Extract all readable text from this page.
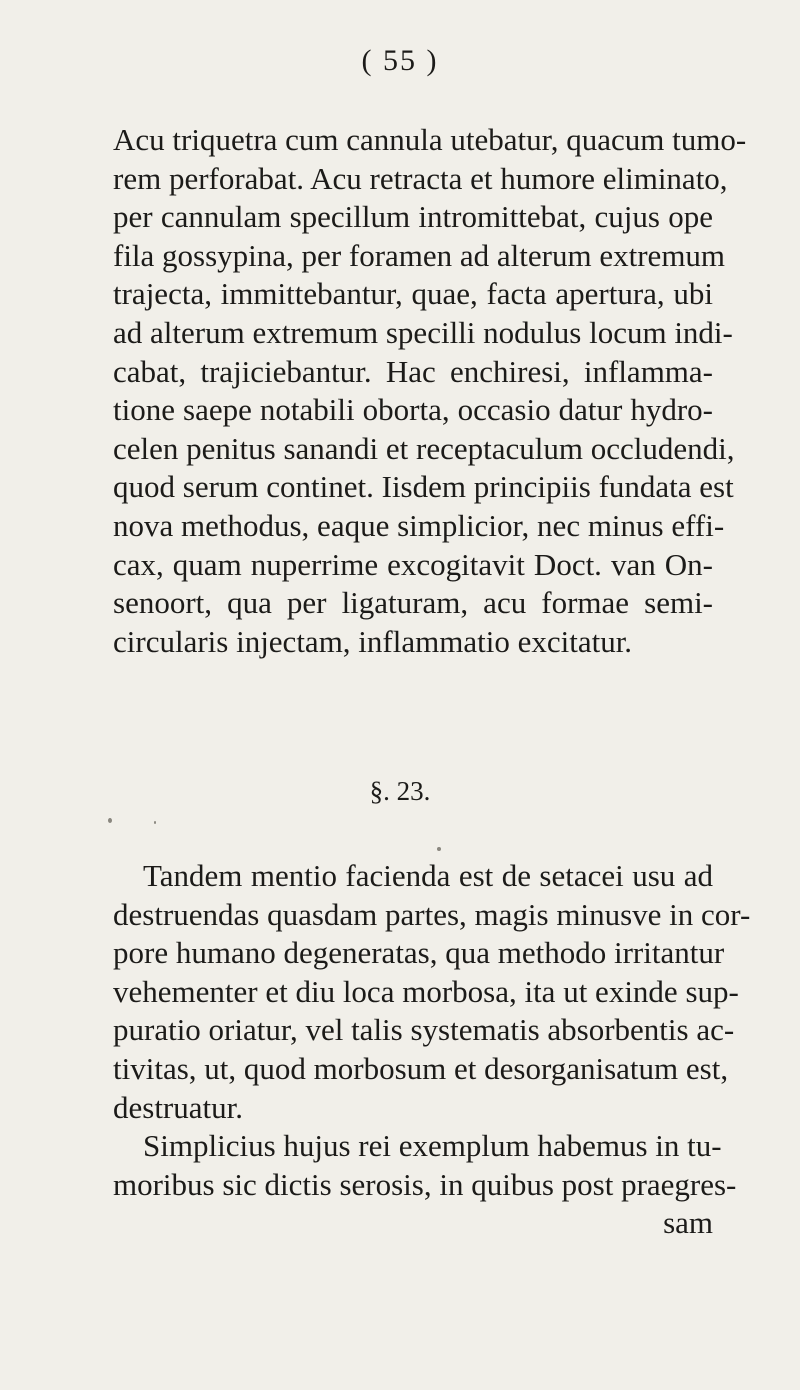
( 55 )
Acu triquetra cum cannula utebatur, quacum tumo-
rem perforabat. Acu retracta et humore eliminato,
per cannulam specillum intromittebat, cujus ope
fila gossypina, per foramen ad alterum extremum
trajecta, immittebantur, quae, facta apertura, ubi
ad alterum extremum specilli nodulus locum indi-
cabat, trajiciebantur. Hac enchiresi, inflamma-
tione saepe notabili oborta, occasio datur hydro-
celen penitus sanandi et receptaculum occludendi,
quod serum continet. Iisdem principiis fundata est
nova methodus, eaque simplicior, nec minus effi-
cax, quam nuperrime excogitavit Doct. van On-
senoort, qua per ligaturam, acu formae semi-
circularis injectam, inflammatio excitatur.
§. 23.
Tandem mentio facienda est de setacei usu ad
destruendas quasdam partes, magis minusve in cor-
pore humano degeneratas, qua methodo irritantur
vehementer et diu loca morbosa, ita ut exinde sup-
puratio oriatur, vel talis systematis absorbentis ac-
tivitas, ut, quod morbosum et desorganisatum est,
destruatur.
Simplicius hujus rei exemplum habemus in tu-
moribus sic dictis serosis, in quibus post praegres-
sam
